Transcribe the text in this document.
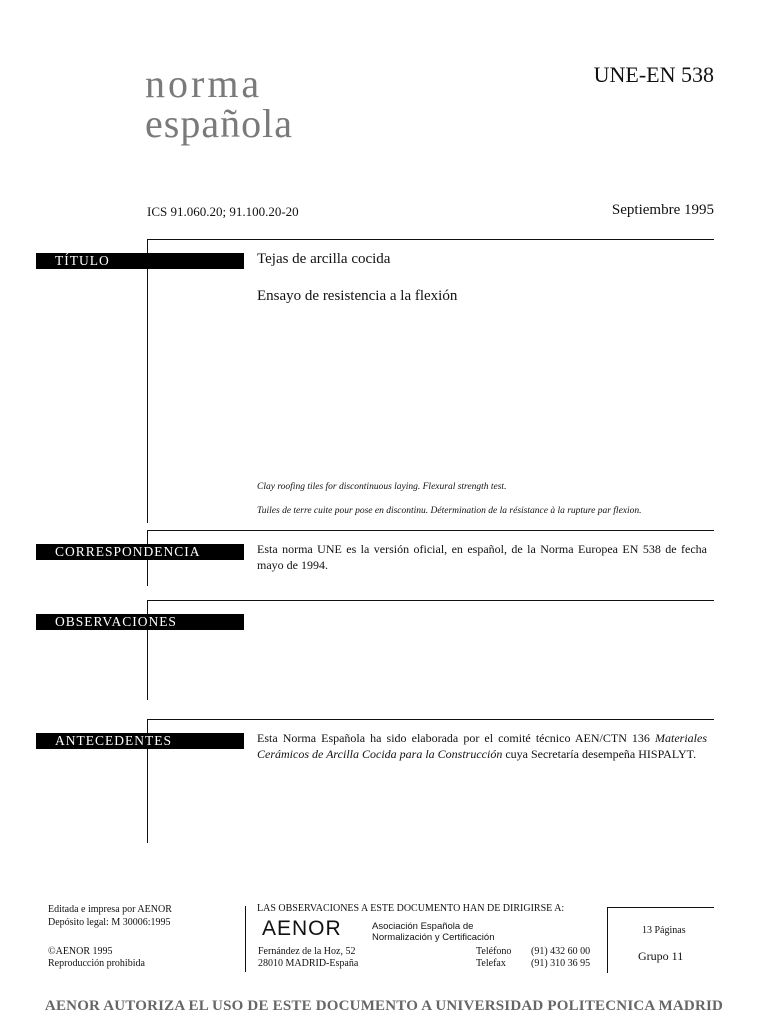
norma
española
UNE-EN 538
ICS 91.060.20; 91.100.20-20	Septiembre 1995
TÍTULO	Tejas de arcilla cocida
Ensayo de resistencia a la flexión
Clay roofing tiles for discontinuous laying. Flexural strength test.
Tuiles de terre cuite pour pose en discontinu. Détermination de la résistance à la rupture par flexion.
CORRESPONDENCIA	Esta norma UNE es la versión oficial, en español, de la Norma Europea EN 538 de fecha mayo de 1994.
OBSERVACIONES
ANTECEDENTES	Esta Norma Española ha sido elaborada por el comité técnico AEN/CTN 136 Materiales Cerámicos de Arcilla Cocida para la Construcción cuya Secretaría desempeña HISPALYT.
Editada e impresa por AENOR
Depósito legal: M 30006:1995
©AENOR 1995
Reproducción prohibida
LAS OBSERVACIONES A ESTE DOCUMENTO HAN DE DIRIGIRSE A:
AENOR	Asociación Española de
Normalización y Certificación
Fernández de la Hoz, 52
28010 MADRID-España
Teléfono (91) 432 60 00
Telefax	(91) 310 36 95
13 Páginas
Grupo 11
AENOR AUTORIZA EL USO DE ESTE DOCUMENTO A UNIVERSIDAD POLITECNICA MADRID
